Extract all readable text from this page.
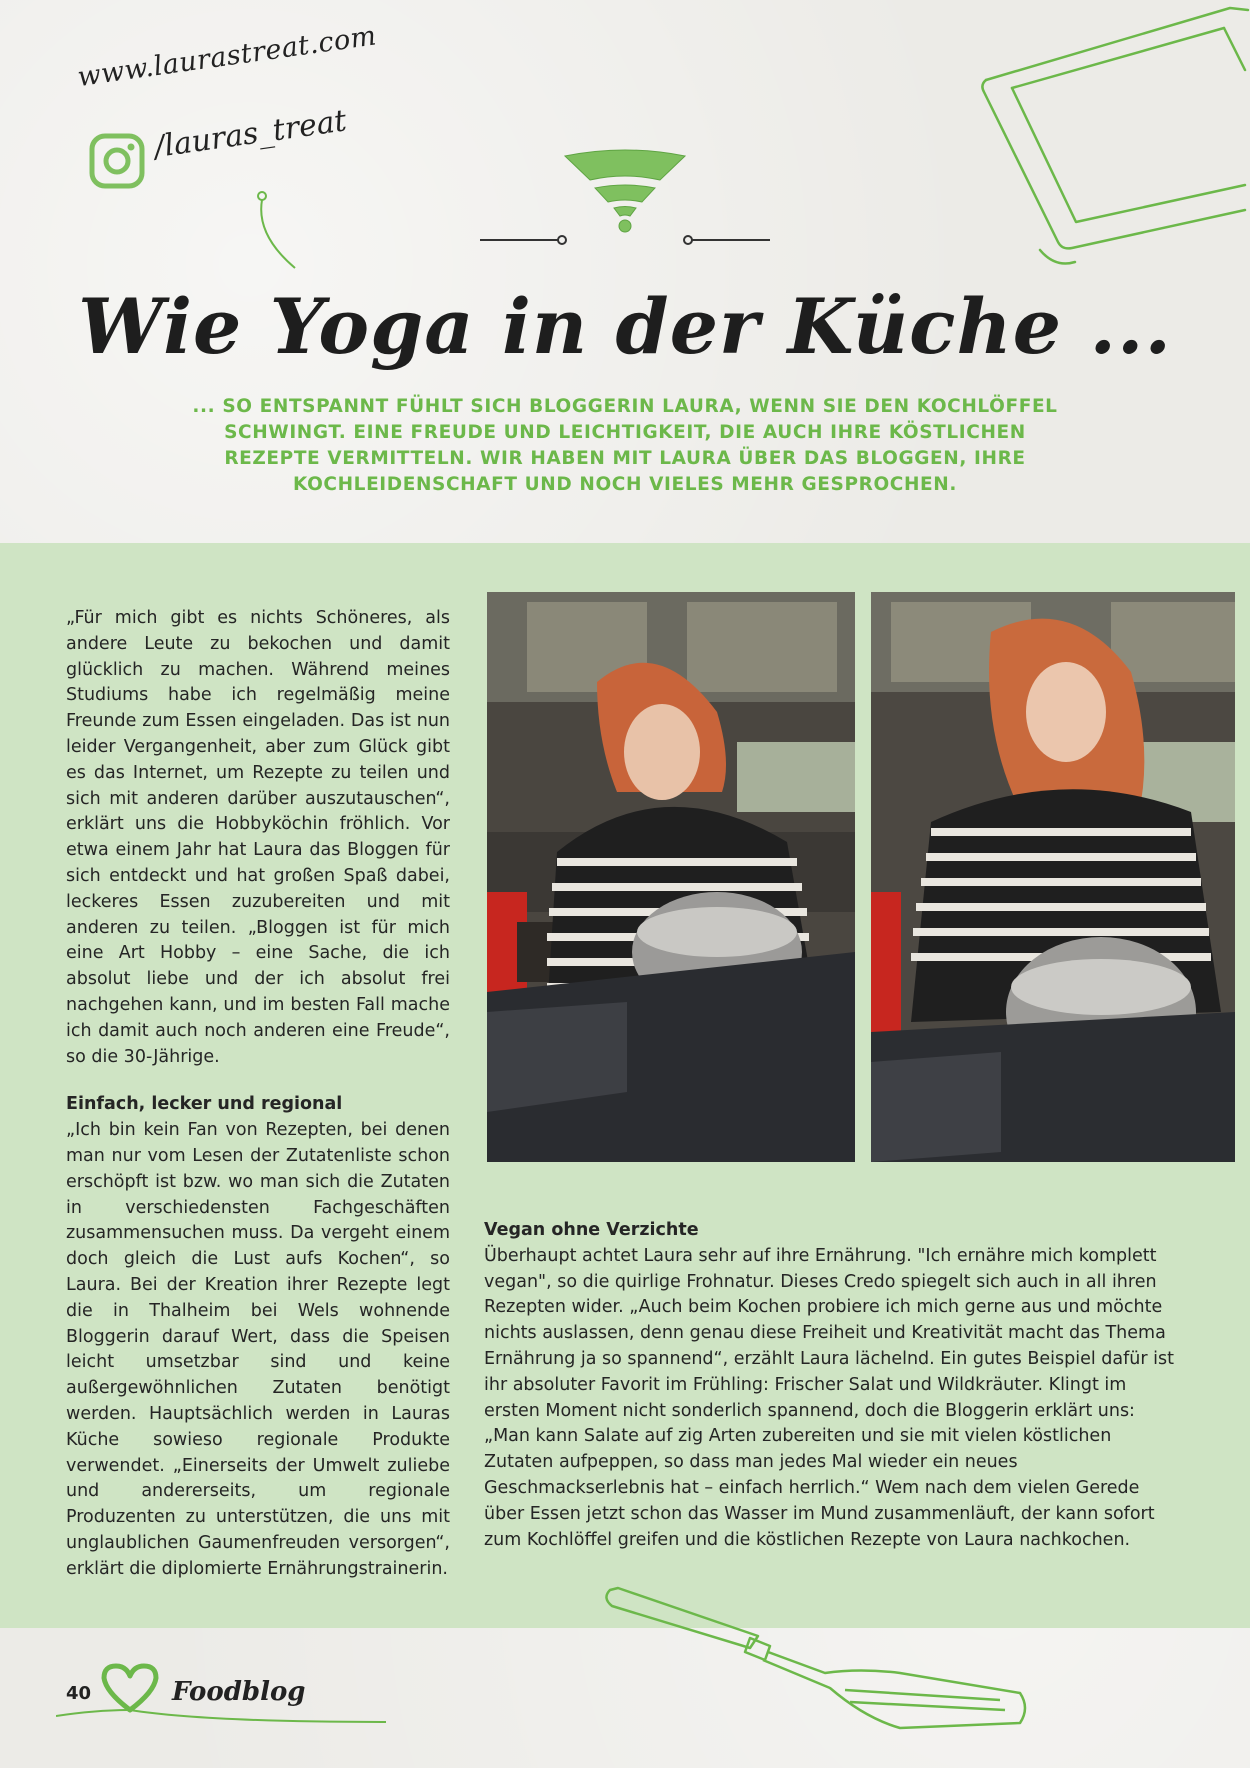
www.laurastreat.com
/lauras_treat
Wie Yoga in der Küche ...
... SO ENTSPANNT FÜHLT SICH BLOGGERIN LAURA, WENN SIE DEN KOCHLÖFFEL SCHWINGT. EINE FREUDE UND LEICHTIGKEIT, DIE AUCH IHRE KÖSTLICHEN REZEPTE VERMITTELN. WIR HABEN MIT LAURA ÜBER DAS BLOGGEN, IHRE KOCHLEIDENSCHAFT UND NOCH VIELES MEHR GESPROCHEN.

„Für mich gibt es nichts Schöneres, als andere Leute zu bekochen und damit glücklich zu machen. Während meines Studiums habe ich regelmäßig meine Freunde zum Essen eingeladen. Das ist nun leider Vergangenheit, aber zum Glück gibt es das Internet, um Rezepte zu teilen und sich mit anderen darüber auszutauschen“, erklärt uns die Hobbyköchin fröhlich. Vor etwa einem Jahr hat Laura das Bloggen für sich entdeckt und hat großen Spaß dabei, leckeres Essen zuzubereiten und mit anderen zu teilen. „Bloggen ist für mich eine Art Hobby – eine Sache, die ich absolut liebe und der ich absolut frei nachgehen kann, und im besten Fall mache ich damit auch noch anderen eine Freude“, so die 30-Jährige.

Einfach, lecker und regional

„Ich bin kein Fan von Rezepten, bei denen man nur vom Lesen der Zutatenliste schon erschöpft ist bzw. wo man sich die Zutaten in verschiedensten Fachgeschäften zusammensuchen muss. Da vergeht einem doch gleich die Lust aufs Kochen“, so Laura. Bei der Kreation ihrer Rezepte legt die in Thalheim bei Wels wohnende Bloggerin darauf Wert, dass die Speisen leicht umsetzbar sind und keine außergewöhnlichen Zutaten benötigt werden. Hauptsächlich werden in Lauras Küche sowieso regionale Produkte verwendet. „Einerseits der Umwelt zuliebe und andererseits, um regionale Produzenten zu unterstützen, die uns mit unglaublichen Gaumenfreuden versorgen“, erklärt die diplomierte Ernährungstrainerin.

Vegan ohne Verzichte

Überhaupt achtet Laura sehr auf ihre Ernährung. "Ich ernähre mich komplett vegan", so die quirlige Frohnatur. Dieses Credo spiegelt sich auch in all ihren Rezepten wider. „Auch beim Kochen probiere ich mich gerne aus und möchte nichts auslassen, denn genau diese Freiheit und Kreativität macht das Thema Ernährung ja so spannend“, erzählt Laura lächelnd. Ein gutes Beispiel dafür ist ihr absoluter Favorit im Frühling: Frischer Salat und Wildkräuter. Klingt im ersten Moment nicht sonderlich spannend, doch die Bloggerin erklärt uns: „Man kann Salate auf zig Arten zubereiten und sie mit vielen köstlichen Zutaten aufpeppen, so dass man jedes Mal wieder ein neues Geschmackserlebnis hat – einfach herrlich.“ Wem nach dem vielen Gerede über Essen jetzt schon das Wasser im Mund zusammenläuft, der kann sofort zum Kochlöffel greifen und die köstlichen Rezepte von Laura nachkochen.

40	Foodblog
